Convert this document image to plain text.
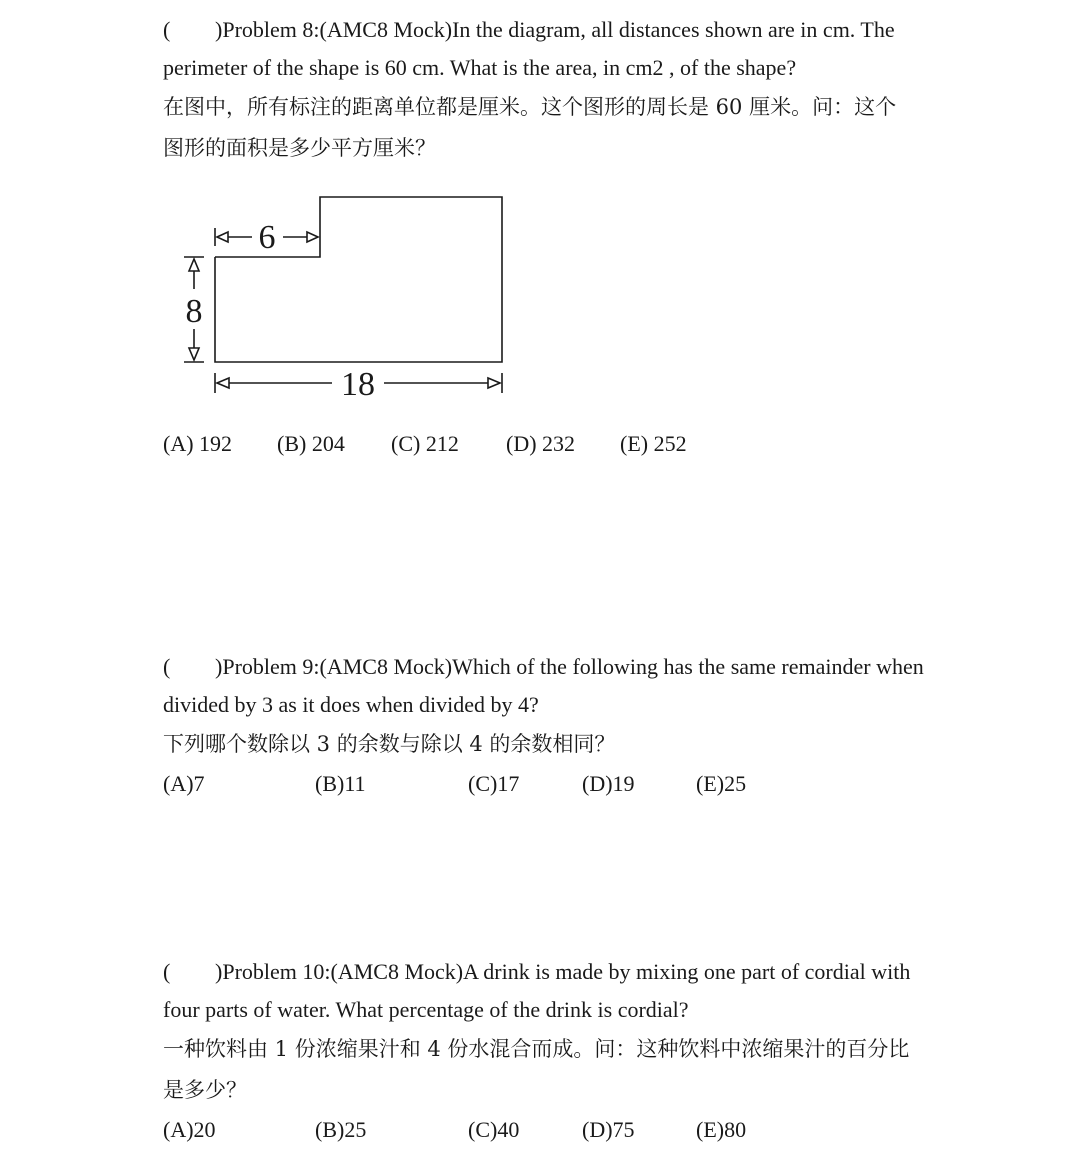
( )Problem 8:(AMC8 Mock)In the diagram, all distances shown are in cm. The
perimeter of the shape is 60 cm. What is the area, in cm2 , of the shape?
在图中，所有标注的距离单位都是厘米。这个图形的周长是 60 厘米。问：这个
图形的面积是多少平方厘米？
(A) 192 (B) 204 (C) 212 (D) 232 (E) 252
6
8
18
( )Problem 9:(AMC8 Mock)Which of the following has the same remainder when
divided by 3 as it does when divided by 4?
下列哪个数除以 3 的余数与除以 4 的余数相同？
(A)7	(B)11	(C)17	(D)19	(E)25
( )Problem 10:(AMC8 Mock)A drink is made by mixing one part of cordial with
four parts of water. What percentage of the drink is cordial?
一种饮料由 1 份浓缩果汁和 4 份水混合而成。问：这种饮料中浓缩果汁的百分比
是多少？
(A)20	(B)25	(C)40	(D)75	(E)80
